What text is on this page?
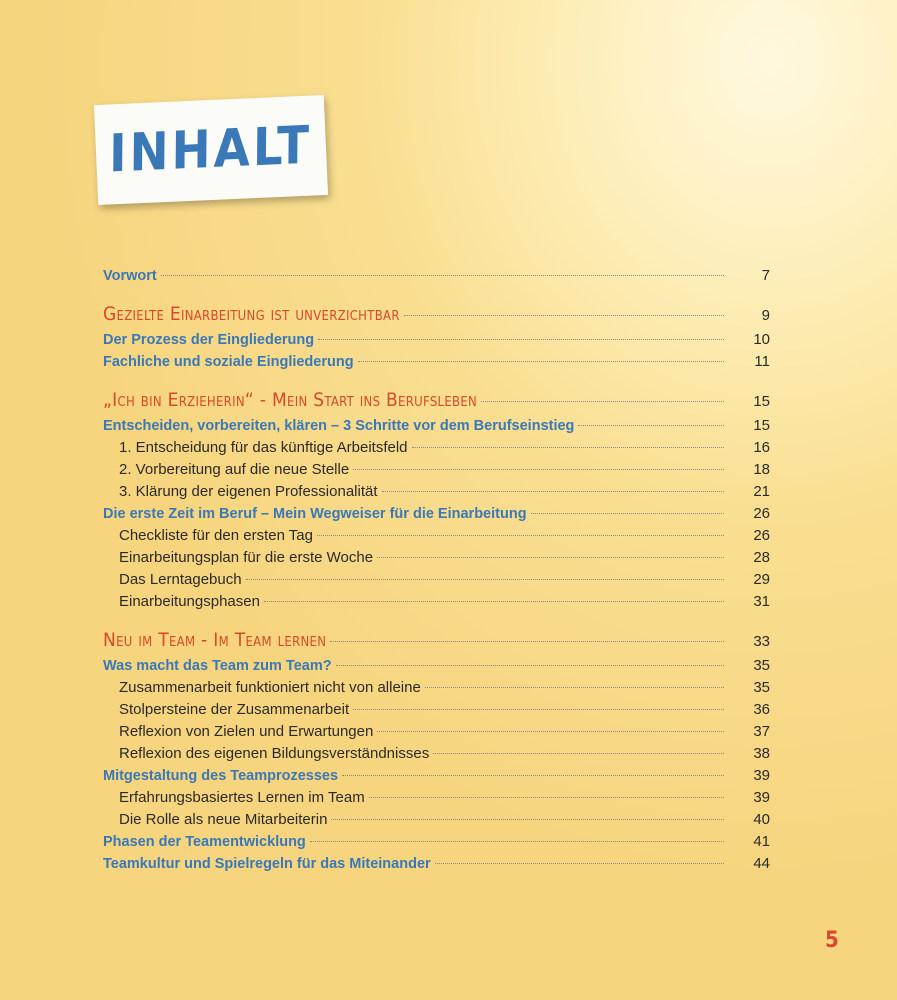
INHALT
Vorwort	7
Gezielte Einarbeitung ist unverzichtbar	9
Der Prozess der Eingliederung	10
Fachliche und soziale Eingliederung	11
„Ich bin Erzieherin“ - Mein Start ins Berufsleben	15
Entscheiden, vorbereiten, klären – 3 Schritte vor dem Berufseinstieg	15
1. Entscheidung für das künftige Arbeitsfeld	16
2. Vorbereitung auf die neue Stelle	18
3. Klärung der eigenen Professionalität	21
Die erste Zeit im Beruf – Mein Wegweiser für die Einarbeitung	26
Checkliste für den ersten Tag	26
Einarbeitungsplan für die erste Woche	28
Das Lerntagebuch	29
Einarbeitungsphasen	31
Neu im Team - Im Team lernen	33
Was macht das Team zum Team?	35
Zusammenarbeit funktioniert nicht von alleine	35
Stolpersteine der Zusammenarbeit	36
Reflexion von Zielen und Erwartungen	37
Reflexion des eigenen Bildungsverständnisses	38
Mitgestaltung des Teamprozesses	39
Erfahrungsbasiertes Lernen im Team	39
Die Rolle als neue Mitarbeiterin	40
Phasen der Teamentwicklung	41
Teamkultur und Spielregeln für das Miteinander	44
5
